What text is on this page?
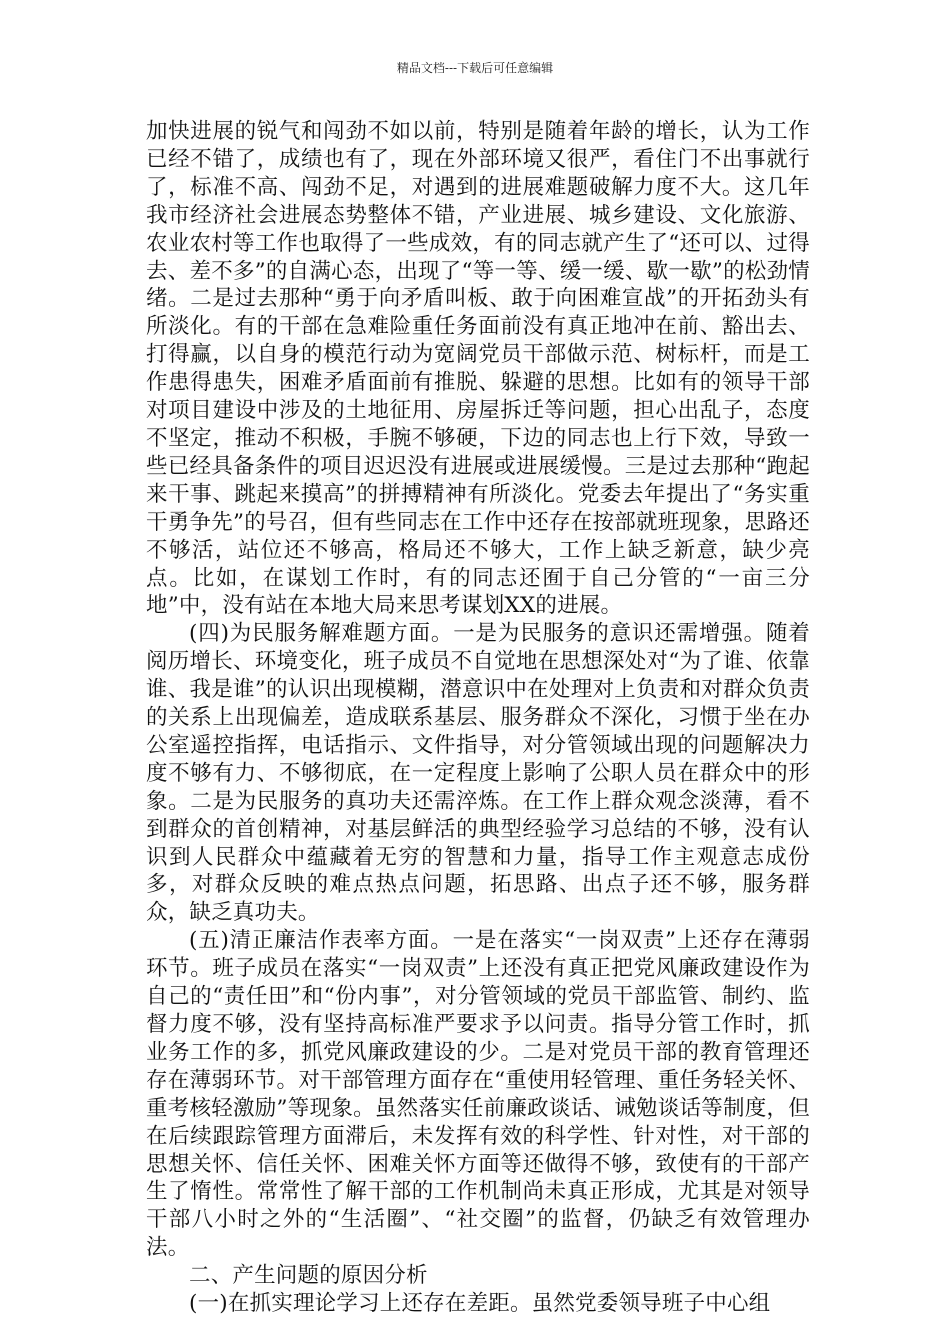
精品文档---下载后可任意编辑

加快进展的锐气和闯劲不如以前，特别是随着年龄的增长，认为工作已经不错了，成绩也有了，现在外部环境又很严，看住门不出事就行了，标准不高、闯劲不足，对遇到的进展难题破解力度不大。这几年我市经济社会进展态势整体不错，产业进展、城乡建设、文化旅游、农业农村等工作也取得了一些成效，有的同志就产生了“还可以、过得去、差不多”的自满心态，出现了“等一等、缓一缓、歇一歇”的松劲情绪。二是过去那种“勇于向矛盾叫板、敢于向困难宣战”的开拓劲头有所淡化。有的干部在急难险重任务面前没有真正地冲在前、豁出去、打得赢，以自身的模范行动为宽阔党员干部做示范、树标杆，而是工作患得患失，困难矛盾面前有推脱、躲避的思想。比如有的领导干部对项目建设中涉及的土地征用、房屋拆迁等问题，担心出乱子，态度不坚定，推动不积极，手腕不够硬，下边的同志也上行下效，导致一些已经具备条件的项目迟迟没有进展或进展缓慢。三是过去那种“跑起来干事、跳起来摸高”的拼搏精神有所淡化。党委去年提出了“务实重干勇争先”的号召，但有些同志在工作中还存在按部就班现象，思路还不够活，站位还不够高，格局还不够大，工作上缺乏新意，缺少亮点。比如，在谋划工作时，有的同志还囿于自己分管的“一亩三分地”中，没有站在本地大局来思考谋划XX的进展。

(四)为民服务解难题方面。一是为民服务的意识还需增强。随着阅历增长、环境变化，班子成员不自觉地在思想深处对“为了谁、依靠谁、我是谁”的认识出现模糊，潜意识中在处理对上负责和对群众负责的关系上出现偏差，造成联系基层、服务群众不深化，习惯于坐在办公室遥控指挥，电话指示、文件指导，对分管领域出现的问题解决力度不够有力、不够彻底，在一定程度上影响了公职人员在群众中的形象。二是为民服务的真功夫还需淬炼。在工作上群众观念淡薄，看不到群众的首创精神，对基层鲜活的典型经验学习总结的不够，没有认识到人民群众中蕴藏着无穷的智慧和力量，指导工作主观意志成份多，对群众反映的难点热点问题，拓思路、出点子还不够，服务群众，缺乏真功夫。

(五)清正廉洁作表率方面。一是在落实“一岗双责”上还存在薄弱环节。班子成员在落实“一岗双责”上还没有真正把党风廉政建设作为自己的“责任田”和“份内事”，对分管领域的党员干部监管、制约、监督力度不够，没有坚持高标准严要求予以问责。指导分管工作时，抓业务工作的多，抓党风廉政建设的少。二是对党员干部的教育管理还存在薄弱环节。对干部管理方面存在“重使用轻管理、重任务轻关怀、重考核轻激励”等现象。虽然落实任前廉政谈话、诫勉谈话等制度，但在后续跟踪管理方面滞后，未发挥有效的科学性、针对性，对干部的思想关怀、信任关怀、困难关怀方面等还做得不够，致使有的干部产生了惰性。常常性了解干部的工作机制尚未真正形成，尤其是对领导干部八小时之外的“生活圈”、“社交圈”的监督，仍缺乏有效管理办法。

二、产生问题的原因分析

(一)在抓实理论学习上还存在差距。虽然党委领导班子中心组
